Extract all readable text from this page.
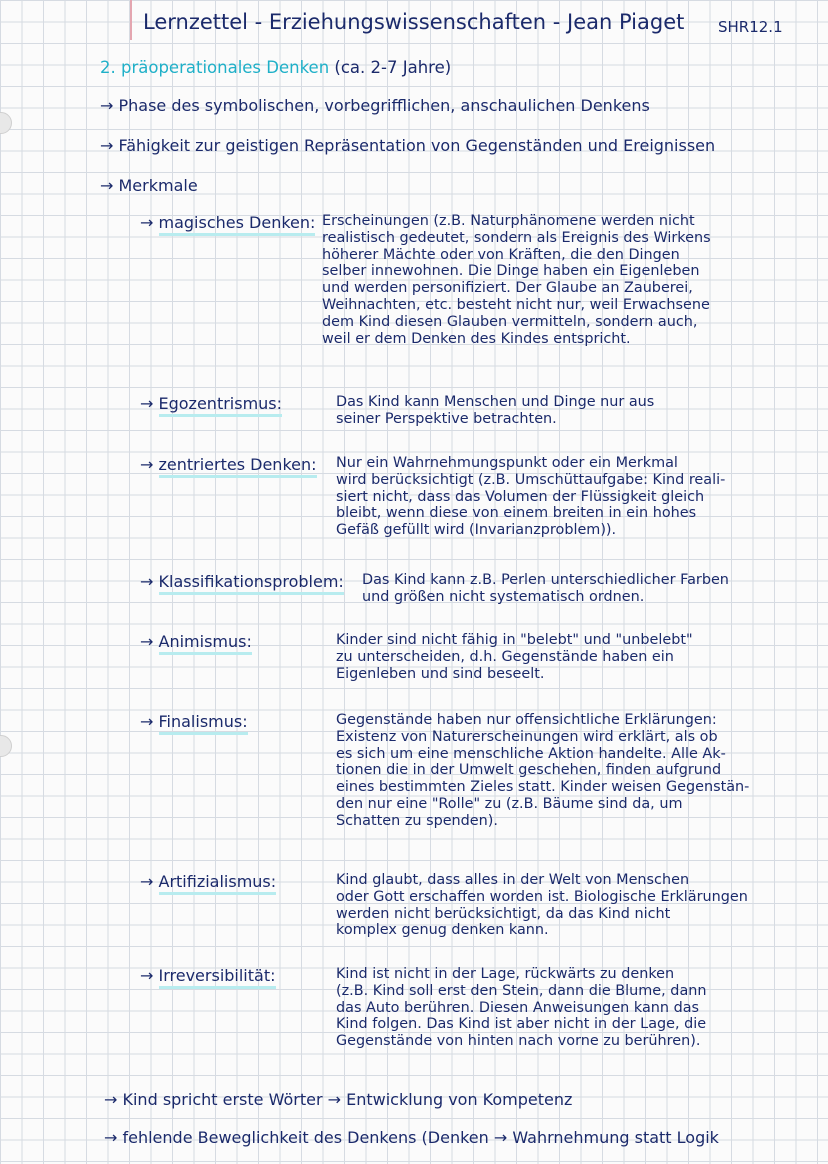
Lernzettel - Erziehungswissenschaften - Jean Piaget SHR12.1
2. präoperationales Denken (ca. 2-7 Jahre)
→ Phase des symbolischen, vorbegrifflichen, anschaulichen Denkens
→ Fähigkeit zur geistigen Repräsentation von Gegenständen und Ereignissen
→ Merkmale
→ magisches Denken: Erscheinungen (z.B. Naturphänomene werden nicht
realistisch gedeutet, sondern als Ereignis des Wirkens
höherer Mächte oder von Kräften, die den Dingen
selber innewohnen. Die Dinge haben ein Eigenleben
und werden personifiziert. Der Glaube an Zauberei,
Weihnachten, etc. besteht nicht nur, weil Erwachsene
dem Kind diesen Glauben vermitteln, sondern auch,
weil er dem Denken des Kindes entspricht.
→ Egozentrismus:	Das Kind kann Menschen und Dinge nur aus
seiner Perspektive betrachten.
→ zentriertes Denken: Nur ein Wahrnehmungspunkt oder ein Merkmal
wird berücksichtigt (z.B. Umschüttaufgabe: Kind reali-
siert nicht, dass das Volumen der Flüssigkeit gleich
bleibt, wenn diese von einem breiten in ein hohes
Gefäß gefüllt wird (Invarianzproblem)).
→ Klassifikationsproblem: Das Kind kann z.B. Perlen unterschiedlicher Farben
und größen nicht systematisch ordnen.
→ Animismus:	Kinder sind nicht fähig in "belebt" und "unbelebt"
zu unterscheiden, d.h. Gegenstände haben ein
Eigenleben und sind beseelt.
→ Finalismus:	Gegenstände haben nur offensichtliche Erklärungen:
Existenz von Naturerscheinungen wird erklärt, als ob
es sich um eine menschliche Aktion handelte. Alle Ak-
tionen die in der Umwelt geschehen, finden aufgrund
eines bestimmten Zieles statt. Kinder weisen Gegenstän-
den nur eine "Rolle" zu (z.B. Bäume sind da, um
Schatten zu spenden).
→ Artifizialismus:	Kind glaubt, dass alles in der Welt von Menschen
oder Gott erschaffen worden ist. Biologische Erklärungen
werden nicht berücksichtigt, da das Kind nicht
komplex genug denken kann.
→ Irreversibilität:	Kind ist nicht in der Lage, rückwärts zu denken
(z.B. Kind soll erst den Stein, dann die Blume, dann
das Auto berühren. Diesen Anweisungen kann das
Kind folgen. Das Kind ist aber nicht in der Lage, die
Gegenstände von hinten nach vorne zu berühren).
→ Kind spricht erste Wörter → Entwicklung von Kompetenz
→ fehlende Beweglichkeit des Denkens (Denken → Wahrnehmung statt Logik
